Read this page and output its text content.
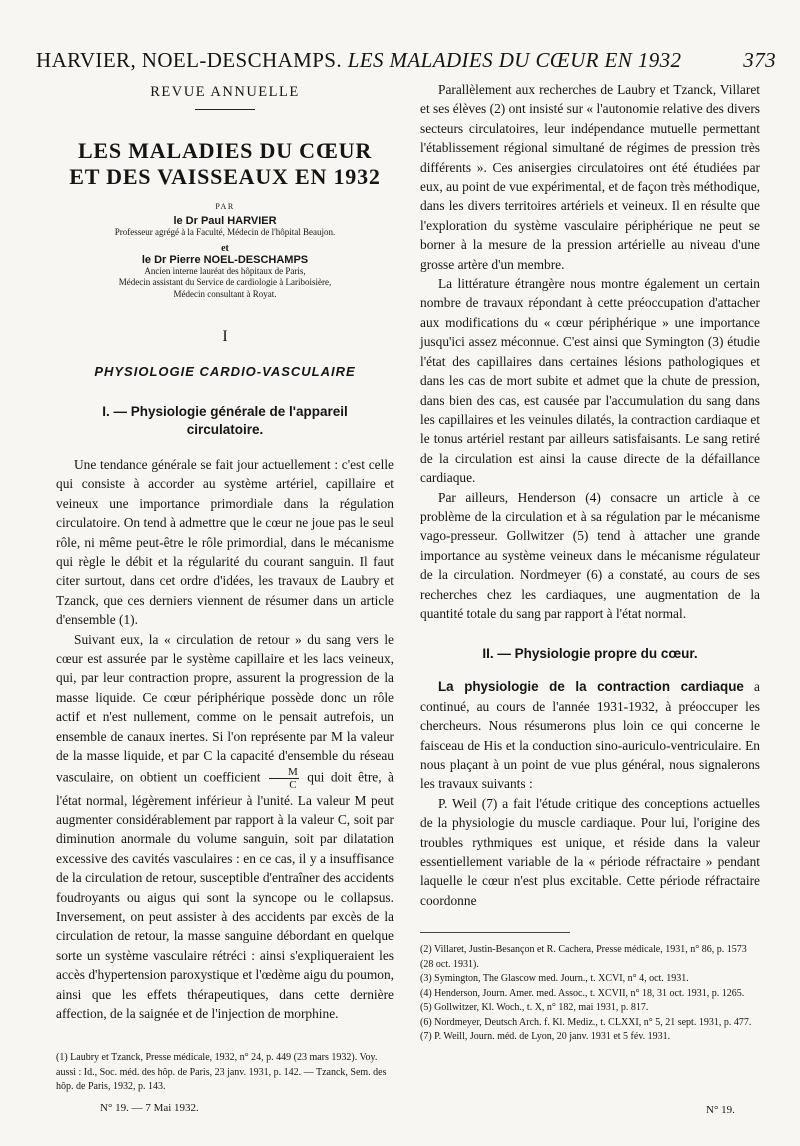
HARVIER, NOEL-DESCHAMPS. LES MALADIES DU CŒUR EN 1932	373
REVUE ANNUELLE
LES MALADIES DU CŒUR
ET DES VAISSEAUX EN 1932
PAR
le Dr Paul HARVIER
Professeur agrégé à la Faculté, Médecin de l'hôpital Beaujon.
et
le Dr Pierre NOEL-DESCHAMPS
Ancien interne lauréat des hôpitaux de Paris,
Médecin assistant du Service de cardiologie à Lariboisière,
Médecin consultant à Royat.
I
PHYSIOLOGIE CARDIO-VASCULAIRE
I. — Physiologie générale de l'appareil
circulatoire.

Une tendance générale se fait jour actuellement : c'est celle qui consiste à accorder au système artériel, capillaire et veineux une importance primordiale dans la régulation circulatoire. On tend à admettre que le cœur ne joue pas le seul rôle, ni même peut-être le rôle primordial, dans le mécanisme qui règle le débit et la régularité du courant sanguin. Il faut citer surtout, dans cet ordre d'idées, les travaux de Laubry et Tzanck, que ces derniers viennent de résumer dans un article d'ensemble (1).

Suivant eux, la « circulation de retour » du sang vers le cœur est assurée par le système capillaire et les lacs veineux, qui, par leur contraction propre, assurent la progression de la masse liquide. Ce cœur périphérique possède donc un rôle actif et n'est nullement, comme on le pensait autrefois, un ensemble de canaux inertes. Si l'on représente par M la valeur de la masse liquide, et par C la capacité d'ensemble du réseau vasculaire, on obtient un coefficient $\frac{M}{C}$ qui doit être, à l'état normal, légèrement inférieur à l'unité. La valeur M peut augmenter considérablement par rapport à la valeur C, soit par diminution anormale du volume sanguin, soit par dilatation excessive des cavités vasculaires : en ce cas, il y a insuffisance de la circulation de retour, susceptible d'entraîner des accidents foudroyants ou aigus qui sont la syncope ou le collapsus. Inversement, on peut assister à des accidents par excès de la circulation de retour, la masse sanguine débordant en quelque sorte un système vasculaire rétréci : ainsi s'expliqueraient les accès d'hypertension paroxystique et l'œdème aigu du poumon, ainsi que les effets thérapeutiques, dans cette dernière affection, de la saignée et de l'injection de morphine.

(1) Laubry et Tzanck, Presse médicale, 1932, n° 24, p. 449 (23 mars 1932). Voy. aussi : Id., Soc. méd. des hôp. de Paris, 23 janv. 1931, p. 142. — Tzanck, Sem. des hôp. de Paris, 1932, p. 143.

Parallèlement aux recherches de Laubry et Tzanck, Villaret et ses élèves (2) ont insisté sur « l'autonomie relative des divers secteurs circulatoires, leur indépendance mutuelle permettant l'établissement régional simultané de régimes de pression très différents ». Ces anisergies circulatoires ont été étudiées par eux, au point de vue expérimental, et de façon très méthodique, dans les divers territoires artériels et veineux. Il en résulte que l'exploration du système vasculaire périphérique ne peut se borner à la mesure de la pression artérielle au niveau d'une grosse artère d'un membre.

La littérature étrangère nous montre également un certain nombre de travaux répondant à cette préoccupation d'attacher aux modifications du « cœur périphérique » une importance jusqu'ici assez méconnue. C'est ainsi que Symington (3) étudie l'état des capillaires dans certaines lésions pathologiques et dans les cas de mort subite et admet que la chute de pression, dans bien des cas, est causée par l'accumulation du sang dans les capillaires et les veinules dilatés, la contraction cardiaque et le tonus artériel restant par ailleurs satisfaisants. Le sang retiré de la circulation est ainsi la cause directe de la défaillance cardiaque.

Par ailleurs, Henderson (4) consacre un article à ce problème de la circulation et à sa régulation par le mécanisme vago-presseur. Gollwitzer (5) tend à attacher une grande importance au système veineux dans le mécanisme régulateur de la circulation. Nordmeyer (6) a constaté, au cours de ses recherches chez les cardiaques, une augmentation de la quantité totale du sang par rapport à l'état normal.

II. — Physiologie propre du cœur.

La physiologie de la contraction cardiaque a continué, au cours de l'année 1931-1932, à préoccuper les chercheurs. Nous résumerons plus loin ce qui concerne le faisceau de His et la conduction sino-auriculo-ventriculaire. En nous plaçant à un point de vue plus général, nous signalerons les travaux suivants :

P. Weil (7) a fait l'étude critique des conceptions actuelles de la physiologie du muscle cardiaque. Pour lui, l'origine des troubles rythmiques est unique, et réside dans la valeur essentiellement variable de la « période réfractaire » pendant laquelle le cœur n'est plus excitable. Cette période réfractaire coordonne

(2) Villaret, Justin-Besançon et R. Cachera, Presse médicale, 1931, n° 86, p. 1573 (28 oct. 1931).

(3) Symington, The Glascow med. Journ., t. XCVI, n° 4, oct. 1931.

(4) Henderson, Journ. Amer. med. Assoc., t. XCVII, n° 18, 31 oct. 1931, p. 1265.

(5) Gollwitzer, Kl. Woch., t. X, n° 182, mai 1931, p. 817.

(6) Nordmeyer, Deutsch Arch. f. Kl. Mediz., t. CLXXI, n° 5, 21 sept. 1931, p. 477.

(7) P. Weill, Journ. méd. de Lyon, 20 janv. 1931 et 5 fév. 1931.

N° 19. — 7 Mai 1932.	N° 19.
